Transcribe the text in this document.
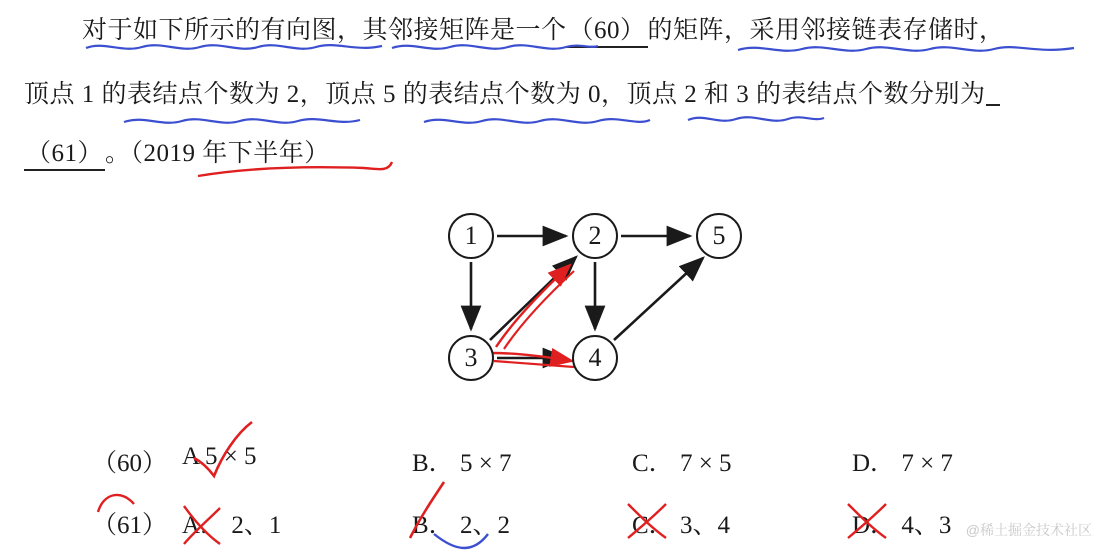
对于如下所示的有向图，其邻接矩阵是一个（60）的矩阵，采用邻接链表存储时，
顶点 1 的表结点个数为 2，顶点 5 的表结点个数为 0，顶点 2 和 3 的表结点个数分别为
（61）。（2019 年下半年）
1	2	5
3	4
（60） A 5 × 5	B． 5 × 7	C． 7 × 5	D． 7 × 7
（61） A． 2、1	B． 2、2	C． 3、4	D． 4、3 @稀土掘金技术社区
